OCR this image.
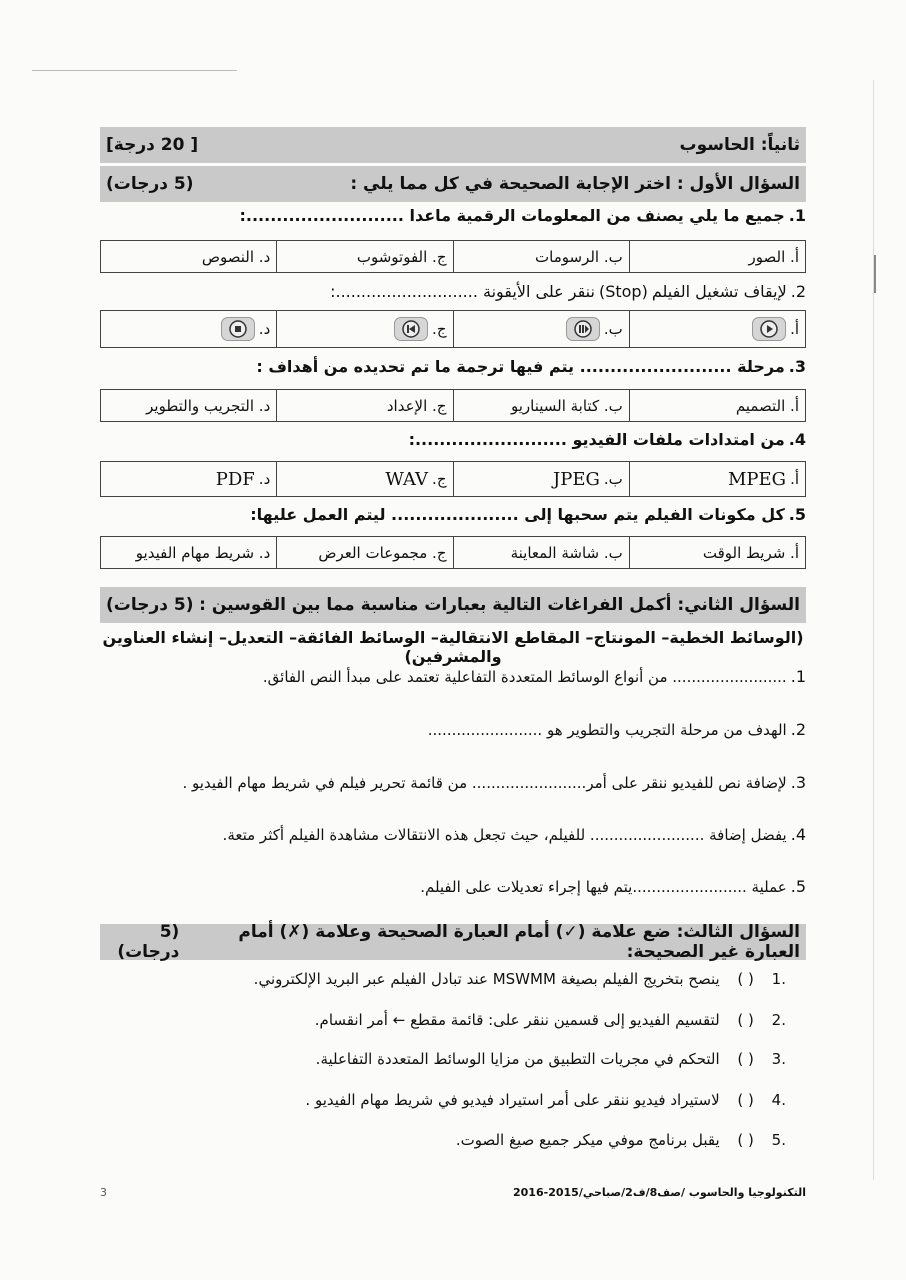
ثانياً: الحاسوب
[ 20 درجة]
السؤال الأول : اختر الإجابة الصحيحة في كل مما يلي :
(5 درجات)
1.
جميع ما يلي يصنف من المعلومات الرقمية ماعدا ..........................:
أ. الصور
ب. الرسومات
ج. الفوتوشوب
د. النصوص
2.
لإيقاف تشغيل الفيلم
(Stop)
ننقر على الأيقونة ............................:
أ.
ب.
ج.
د.
3.
مرحلة ......................... يتم فيها ترجمة ما تم تحديده من أهداف :
أ. التصميم
ب. كتابة السيناريو
ج. الإعداد
د. التجريب والتطوير
4.
من امتدادات ملفات الفيديو .........................:
أ.
MPEG
ب.
JPEG
ج.
WAV
د.
PDF
5.
كل مكونات الفيلم يتم سحبها إلى ..................... ليتم العمل عليها:
أ. شريط الوقت
ب. شاشة المعاينة
ج. مجموعات العرض
د. شريط مهام الفيديو
السؤال الثاني: أكمل الفراغات التالية بعبارات مناسبة مما بين القوسين :
(5 درجات)
(الوسائط الخطية– المونتاج– المقاطع الانتقالية– الوسائط الفائقة– التعديل– إنشاء العناوين والمشرفين)
1.
........................ من أنواع الوسائط المتعددة التفاعلية تعتمد على مبدأ النص الفائق.
2.
الهدف من مرحلة التجريب والتطوير هو ........................
3.
لإضافة نص للفيديو ننقر على أمر........................ من قائمة تحرير فيلم في شريط مهام الفيديو .
4.
يفضل إضافة ........................ للفيلم، حيث تجعل هذه الانتقالات مشاهدة الفيلم أكثر متعة.
5.
عملية ........................يتم فيها إجراء تعديلات على الفيلم.
السؤال الثالث: ضع علامة (✓) أمام العبارة الصحيحة وعلامة (✗) أمام العبارة غير الصحيحة:
(5 درجات)
.1
( )
ينصح بتخريج الفيلم بصيغة MSWMM عند تبادل الفيلم عبر البريد الإلكتروني.
.2
( )
لتقسيم الفيديو إلى قسمين ننقر على: قائمة مقطع ← أمر انقسام.
.3
( )
التحكم في مجريات التطبيق من مزايا الوسائط المتعددة التفاعلية.
.4
( )
لاستيراد فيديو ننقر على أمر استيراد فيديو في شريط مهام الفيديو .
.5
( )
يقبل برنامج موفي ميكر جميع صيغ الصوت.
التكنولوجيا والحاسوب /صف8/ف2/صباحي/2015-2016
3
